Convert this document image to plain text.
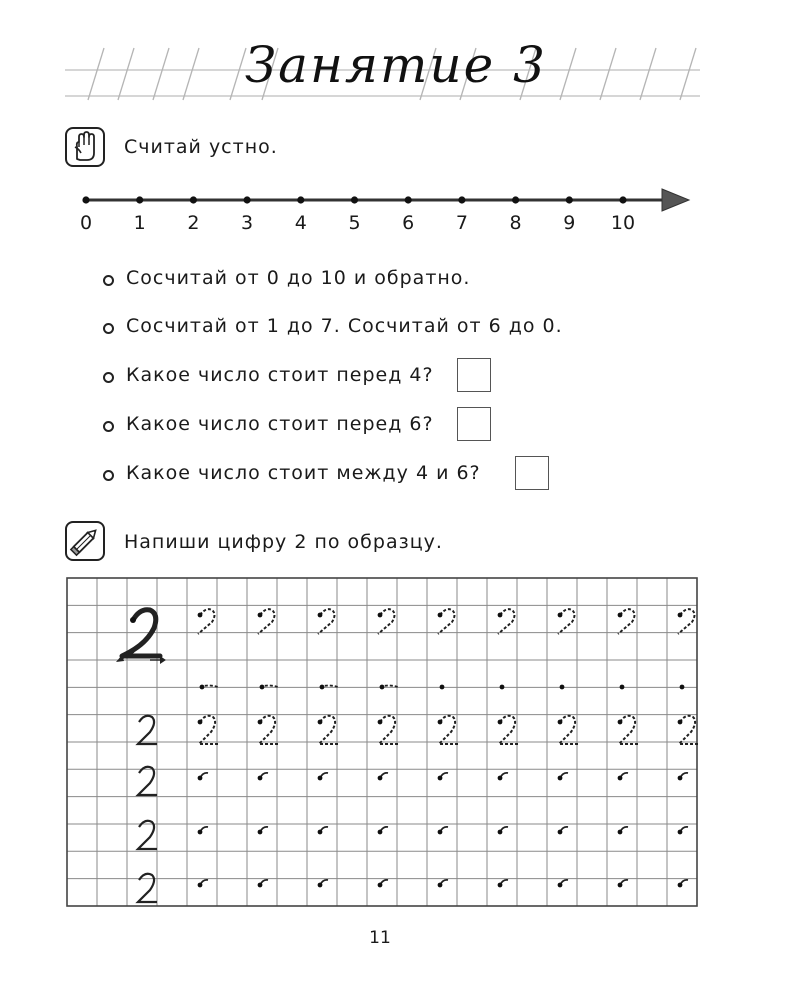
Занятие 3
Считай устно.
0	1	2	3	4	5	6	7	8	9	10
Сосчитай от 0 до 10 и обратно.
Сосчитай от 1 до 7. Сосчитай от 6 до 0.
Какое число стоит перед 4?
Какое число стоит перед 6?
Какое число стоит между 4 и 6?
Напиши цифру 2 по образцу.
11
